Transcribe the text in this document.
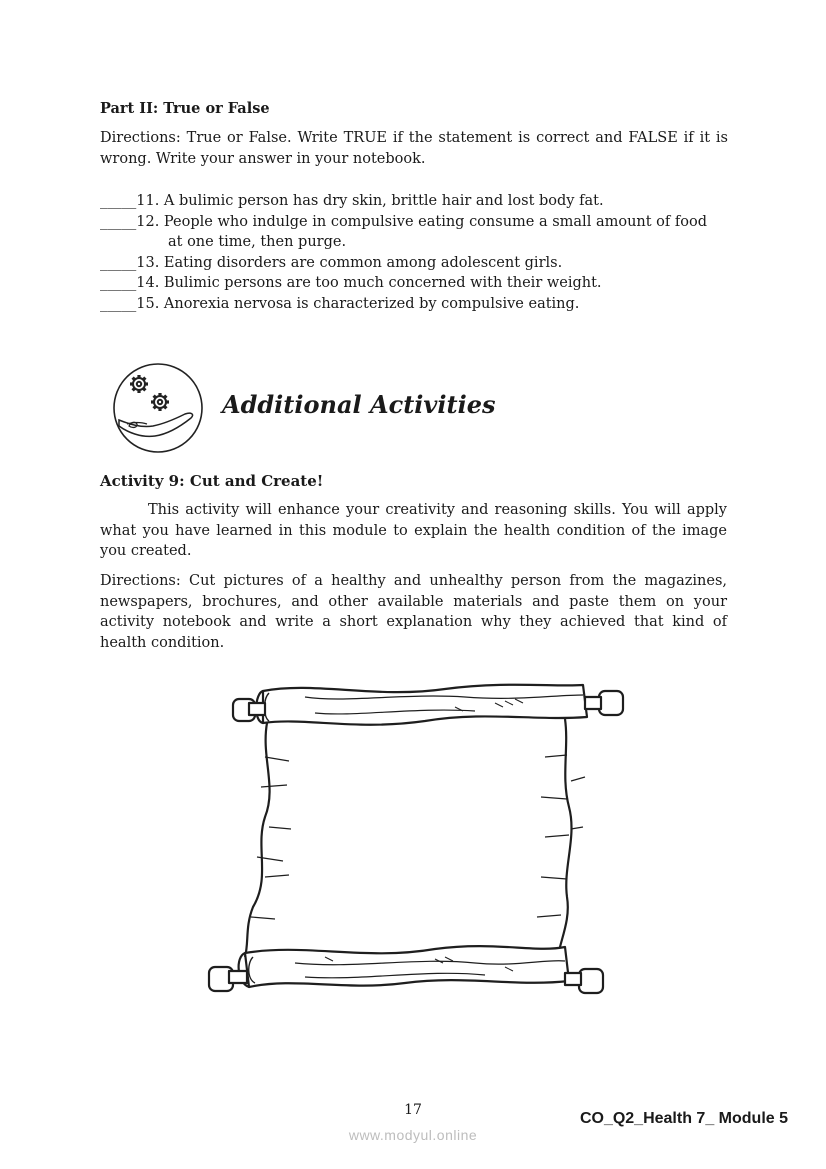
Part II: True or False
Directions: True or False. Write TRUE if the statement is correct and FALSE if it is wrong. Write your answer in your notebook.
_____11. A bulimic person has dry skin, brittle hair and lost body fat.
_____12. People who indulge in compulsive eating consume a small amount of food
at one time, then purge.
_____13. Eating disorders are common among adolescent girls.
_____14. Bulimic persons are too much concerned with their weight.
_____15. Anorexia nervosa is characterized by compulsive eating.
Additional Activities
Activity 9: Cut and Create!
This activity will enhance your creativity and reasoning skills. You will apply what you have learned in this module to explain the health condition of the image you created.
Directions: Cut pictures of a healthy and unhealthy person from the magazines, newspapers, brochures, and other available materials and paste them on your activity notebook and write a short explanation why they achieved that kind of health condition.
17	CO_Q2_Health 7_ Module 5
www.modyul.online
